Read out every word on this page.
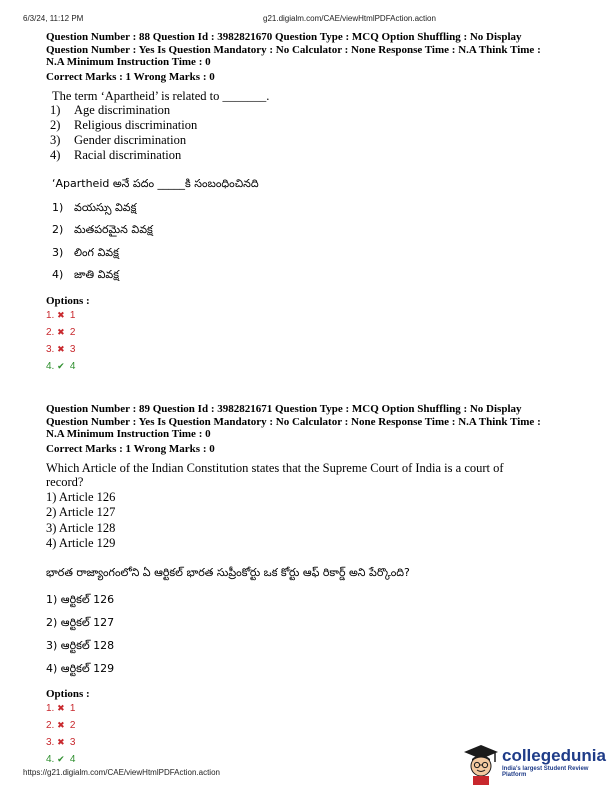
6/3/24, 11:12 PM	g21.digialm.com/CAE/viewHtmlPDFAction.action
Question Number : 88 Question Id : 3982821670 Question Type : MCQ Option Shuffling : No Display
Question Number : Yes Is Question Mandatory : No Calculator : None Response Time : N.A Think Time :
N.A Minimum Instruction Time : 0
Correct Marks : 1 Wrong Marks : 0
The term ‘Apartheid’ is related to _______.
1) Age discrimination
2) Religious discrimination
3) Gender discrimination
4) Racial discrimination
‘Apartheid అనే పదం _____కి సంబంధించినది
1) వయస్సు వివక్ష
2) మతపరమైన వివక్ష
3) లింగ వివక్ష
4) జాతి వివక్ష
Options :
1. ✖ 1
2. ✖ 2
3. ✖ 3
4. ✔ 4
Question Number : 89 Question Id : 3982821671 Question Type : MCQ Option Shuffling : No Display
Question Number : Yes Is Question Mandatory : No Calculator : None Response Time : N.A Think Time :
N.A Minimum Instruction Time : 0
Correct Marks : 1 Wrong Marks : 0
Which Article of the Indian Constitution states that the Supreme Court of India is a court of record?
1) Article 126
2) Article 127
3) Article 128
4) Article 129
భారత రాజ్యాంగంలోని ఏ ఆర్టికల్ భారత సుప్రీంకోర్టు ఒక కోర్టు ఆఫ్ రికార్డ్ అని పేర్కొంది?
1) ఆర్టికల్ 126
2) ఆర్టికల్ 127
3) ఆర్టికల్ 128
4) ఆర్టికల్ 129
Options :
1. ✖ 1
2. ✖ 2
3. ✖ 3
4. ✔ 4
https://g21.digialm.com/CAE/viewHtmlPDFAction.action
collegedunia
India's largest Student Review Platform
